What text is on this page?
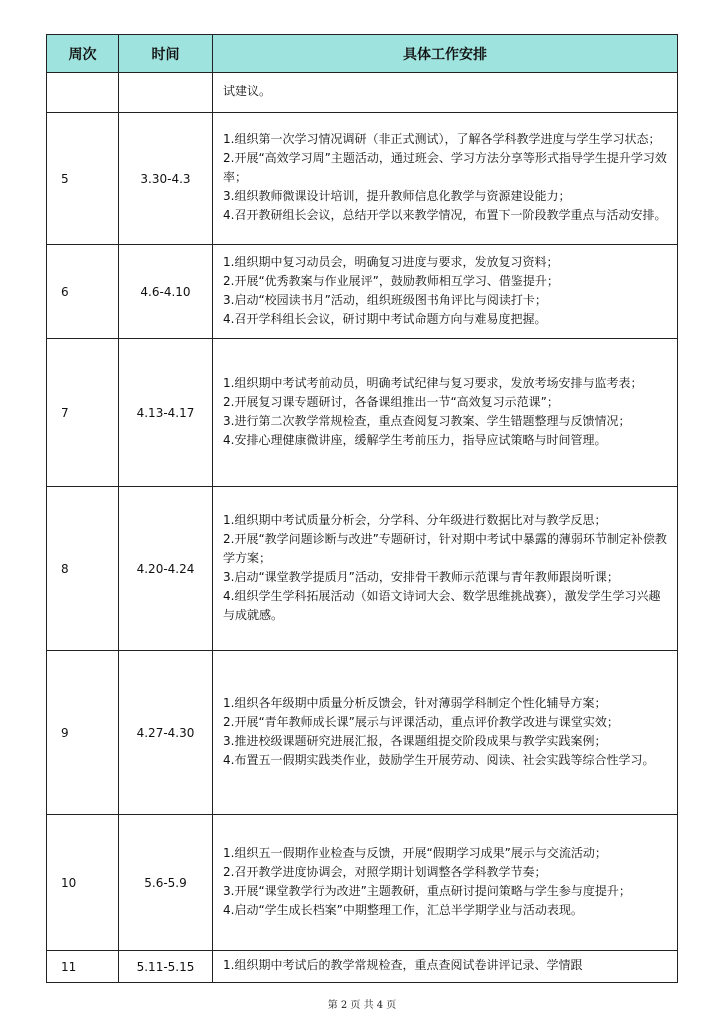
周次	时间	具体工作安排

		试建议。

5	3.30-4.3	1.组织第一次学习情况调研（非正式测试），了解各学科教学进度与学生学习状态；

2.开展“高效学习周”主题活动，通过班会、学习方法分享等形式指导学生提升学习效率；

3.组织教师微课设计培训，提升教师信息化教学与资源建设能力；

4.召开教研组长会议，总结开学以来教学情况，布置下一阶段教学重点与活动安排。

6	4.6-4.10	1.组织期中复习动员会，明确复习进度与要求，发放复习资料；

2.开展“优秀教案与作业展评”，鼓励教师相互学习、借鉴提升；

3.启动“校园读书月”活动，组织班级图书角评比与阅读打卡；

4.召开学科组长会议，研讨期中考试命题方向与难易度把握。

7	4.13-4.17	1.组织期中考试考前动员，明确考试纪律与复习要求，发放考场安排与监考表；

2.开展复习课专题研讨，各备课组推出一节“高效复习示范课”；

3.进行第二次教学常规检查，重点查阅复习教案、学生错题整理与反馈情况；

4.安排心理健康微讲座，缓解学生考前压力，指导应试策略与时间管理。

8	4.20-4.24	1.组织期中考试质量分析会，分学科、分年级进行数据比对与教学反思；

2.开展“教学问题诊断与改进”专题研讨，针对期中考试中暴露的薄弱环节制定补偿教学方案；

3.启动“课堂教学提质月”活动，安排骨干教师示范课与青年教师跟岗听课；

4.组织学生学科拓展活动（如语文诗词大会、数学思维挑战赛），激发学生学习兴趣与成就感。

9	4.27-4.30	1.组织各年级期中质量分析反馈会，针对薄弱学科制定个性化辅导方案；

2.开展“青年教师成长课”展示与评课活动，重点评价教学改进与课堂实效；

3.推进校级课题研究进展汇报，各课题组提交阶段成果与教学实践案例；

4.布置五一假期实践类作业，鼓励学生开展劳动、阅读、社会实践等综合性学习。

10	5.6-5.9	1.组织五一假期作业检查与反馈，开展“假期学习成果”展示与交流活动；

2.召开教学进度协调会，对照学期计划调整各学科教学节奏；

3.开展“课堂教学行为改进”主题教研，重点研讨提问策略与学生参与度提升；

4.启动“学生成长档案”中期整理工作，汇总半学期学业与活动表现。

11	5.11-5.15	1.组织期中考试后的教学常规检查，重点查阅试卷讲评记录、学情跟

第 2 页 共 4 页
